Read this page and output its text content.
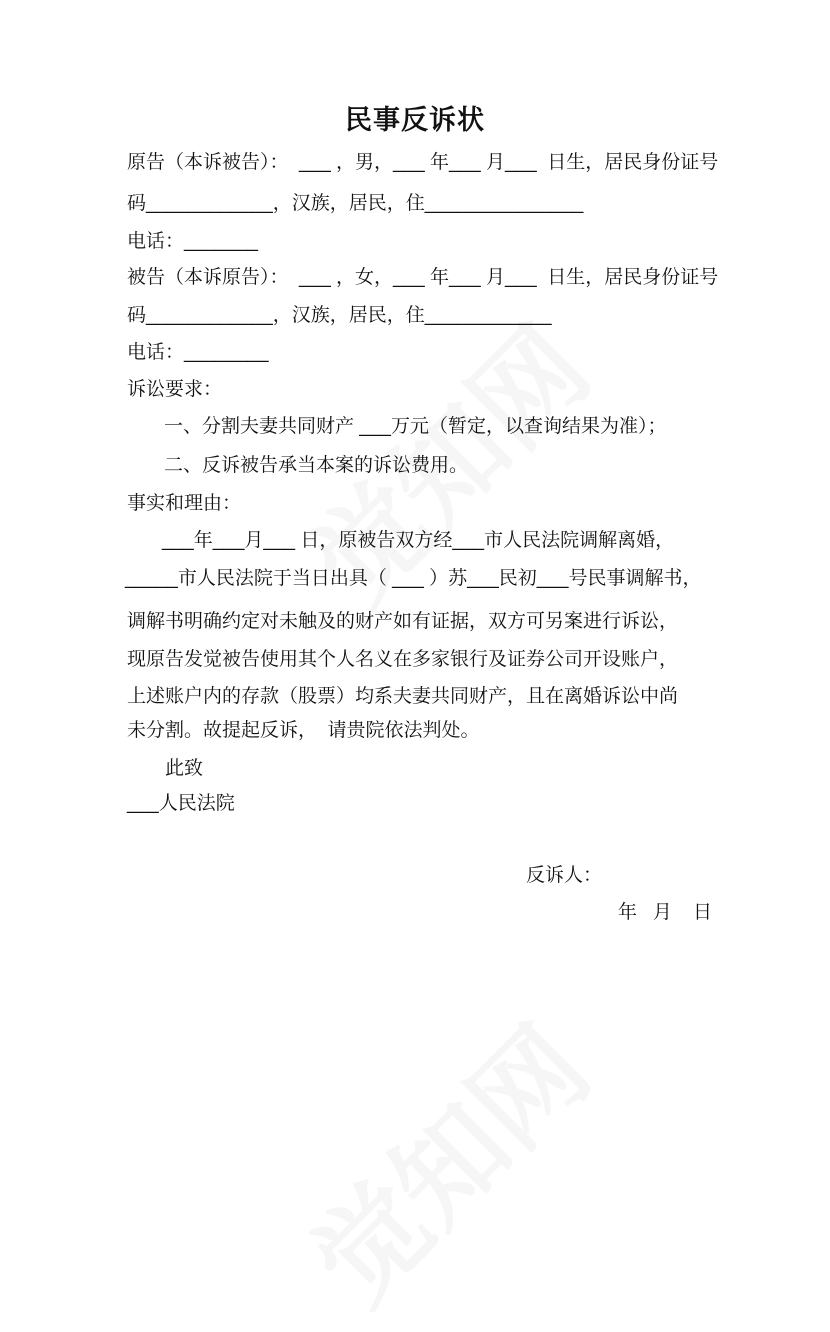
民事反诉状
原告（本诉被告）：  ___ ，男，___ 年___ 月___  日生，居民身份证号
码____________，汉族，居民，住_______________
电话：_______
被告（本诉原告）：  ___ ，女，___ 年___ 月___  日生，居民身份证号
码____________，汉族，居民，住____________
电话：________
诉讼要求：
一、分割夫妻共同财产 ___万元（暂定，以查询结果为准）；
二、反诉被告承当本案的诉讼费用。
事实和理由：
___年___月___ 日，原被告双方经___市人民法院调解离婚，
_____市人民法院于当日出具（ ___ ）苏___民初___号民事调解书，
调解书明确约定对未触及的财产如有证据，双方可另案进行诉讼，
现原告发觉被告使用其个人名义在多家银行及证券公司开设账户，
上述账户内的存款（股票）均系夫妻共同财产，且在离婚诉讼中尚
未分割。故提起反诉，  请贵院依法判处。
此致
___人民法院
反诉人：
年   月    日
